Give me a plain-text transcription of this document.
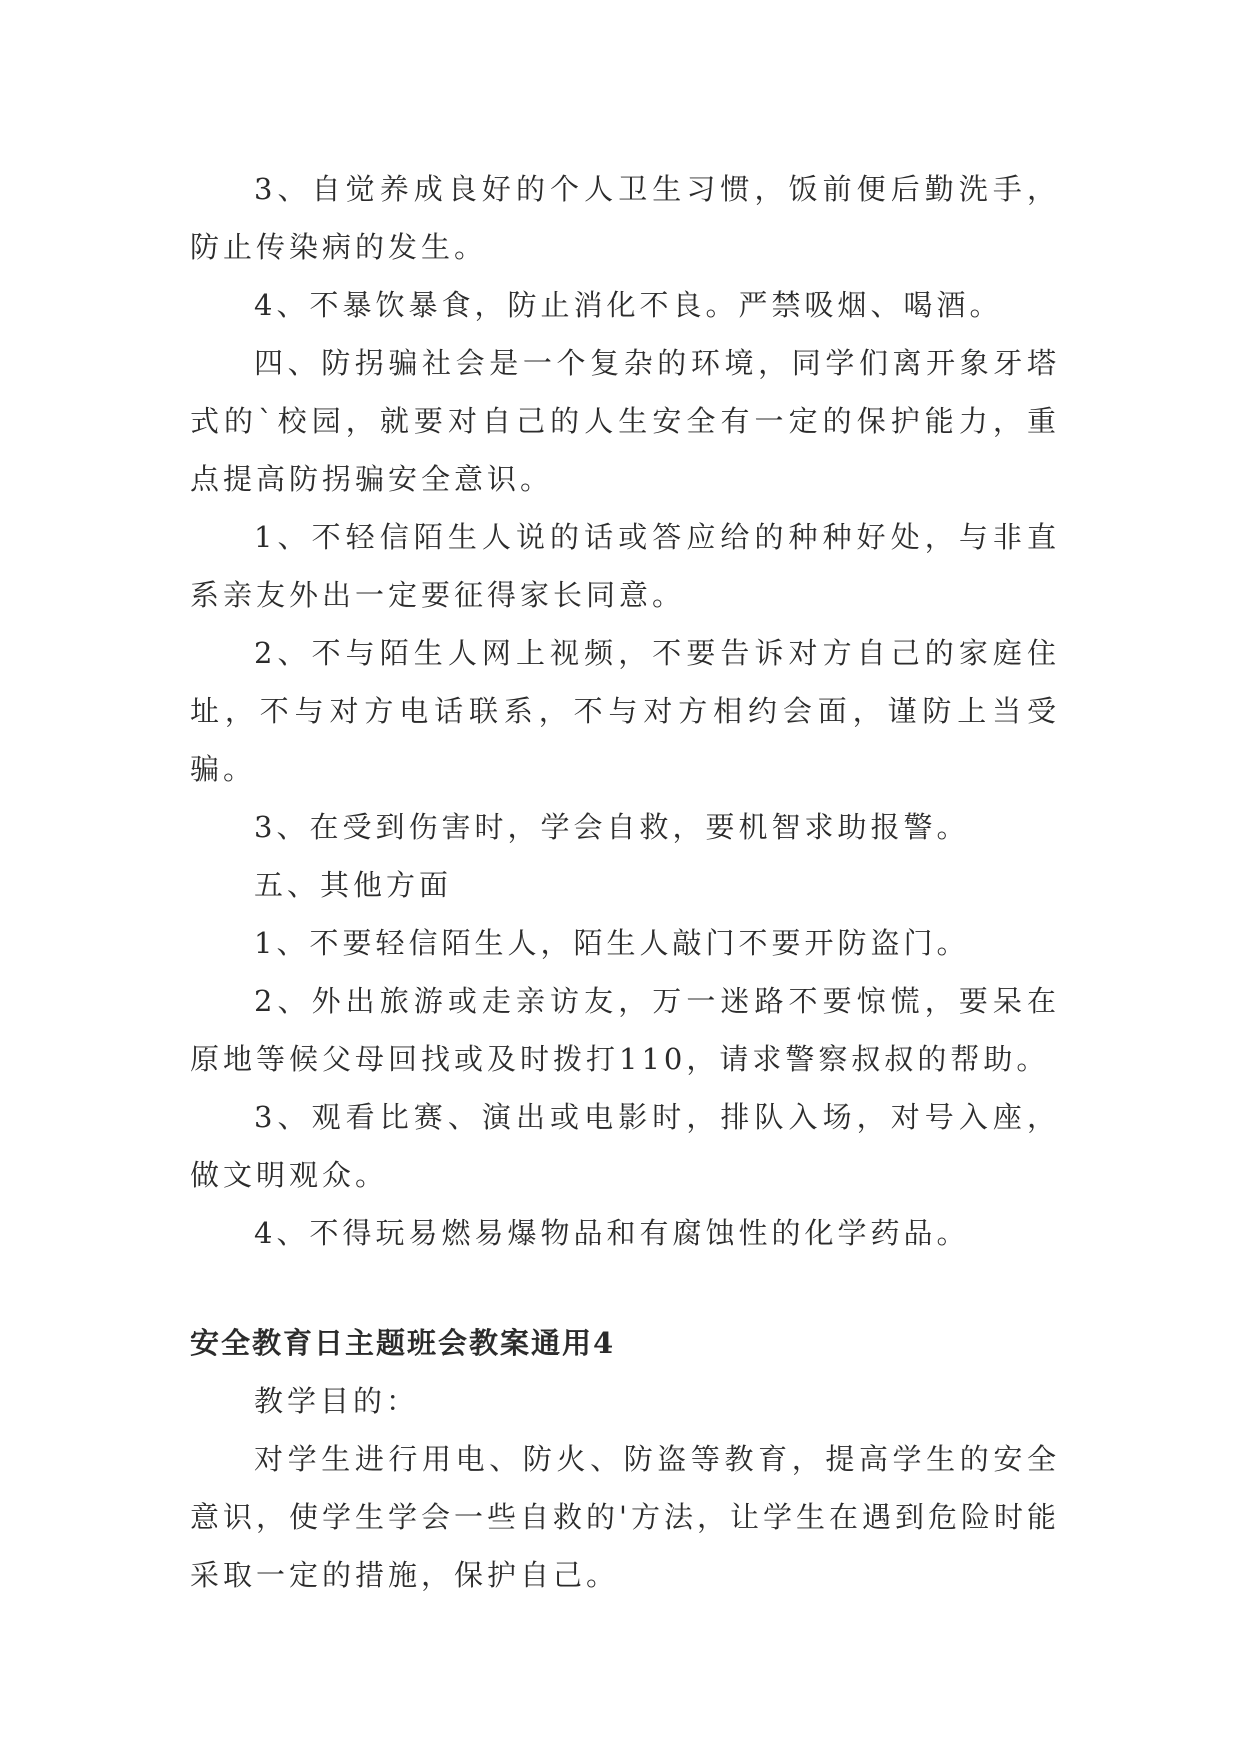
3、自觉养成良好的个人卫生习惯，饭前便后勤洗手，防止传染病的发生。

4、不暴饮暴食，防止消化不良。严禁吸烟、喝酒。

四、防拐骗社会是一个复杂的环境，同学们离开象牙塔式的`校园，就要对自己的人生安全有一定的保护能力，重点提高防拐骗安全意识。

1、不轻信陌生人说的话或答应给的种种好处，与非直系亲友外出一定要征得家长同意。

2、不与陌生人网上视频，不要告诉对方自己的家庭住址，不与对方电话联系，不与对方相约会面，谨防上当受骗。

3、在受到伤害时，学会自救，要机智求助报警。

五、其他方面

1、不要轻信陌生人，陌生人敲门不要开防盗门。

2、外出旅游或走亲访友，万一迷路不要惊慌，要呆在原地等候父母回找或及时拨打110，请求警察叔叔的帮助。

3、观看比赛、演出或电影时，排队入场，对号入座，做文明观众。

4、不得玩易燃易爆物品和有腐蚀性的化学药品。

安全教育日主题班会教案通用4

教学目的：

对学生进行用电、防火、防盗等教育，提高学生的安全意识，使学生学会一些自救的'方法，让学生在遇到危险时能采取一定的措施，保护自己。
